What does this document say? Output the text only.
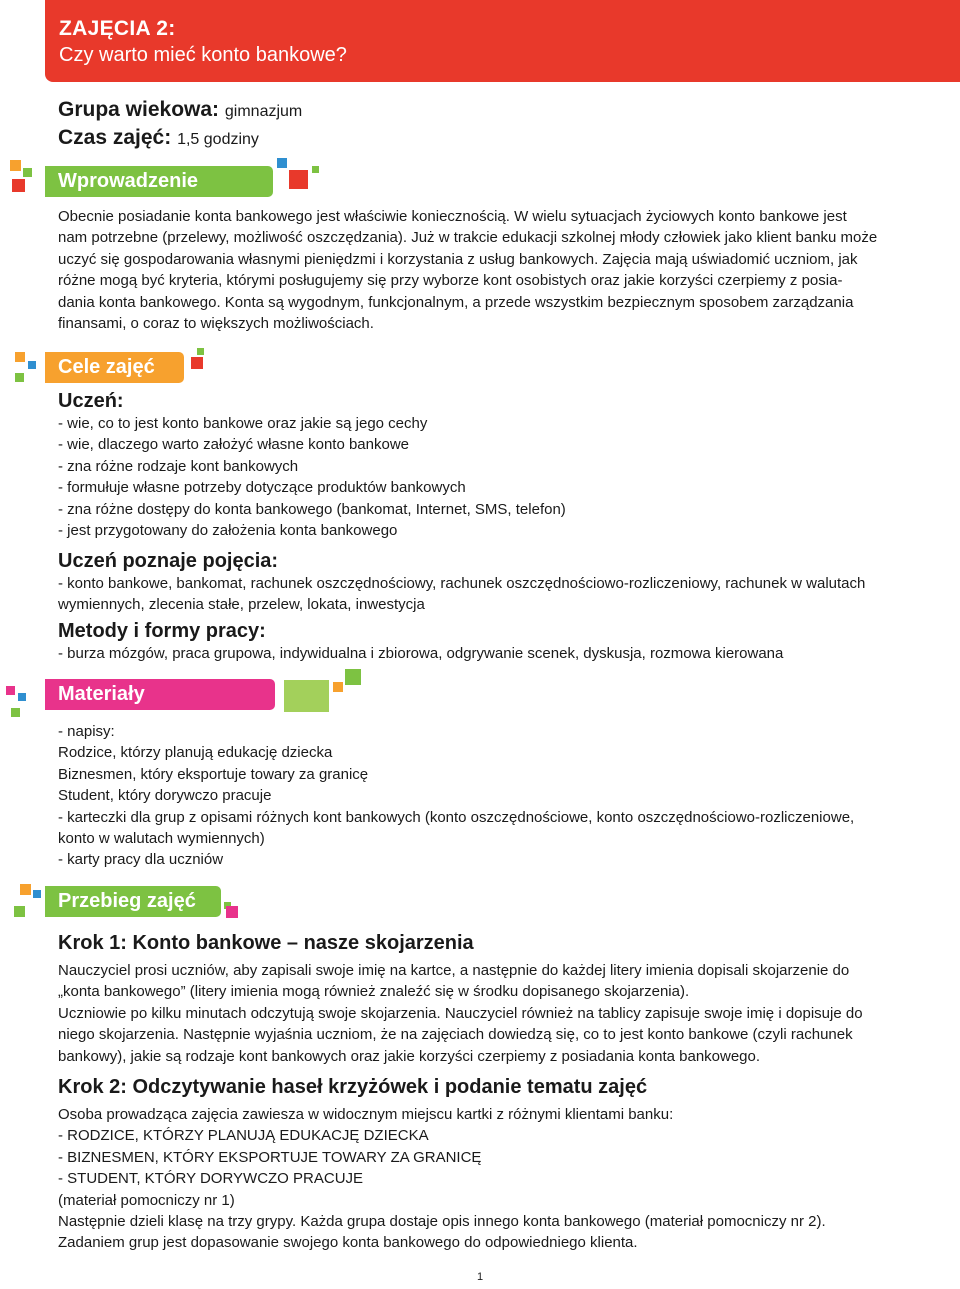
ZAJĘCIA 2:
Czy warto mieć konto bankowe?
Grupa wiekowa: gimnazjum
Czas zajęć: 1,5 godziny
Wprowadzenie
Obecnie posiadanie konta bankowego jest właściwie koniecznością. W wielu sytuacjach życiowych konto bankowe jest
nam potrzebne (przelewy, możliwość oszczędzania). Już w trakcie edukacji szkolnej młody człowiek jako klient banku może
uczyć się gospodarowania własnymi pieniędzmi i korzystania z usług bankowych. Zajęcia mają uświadomić uczniom, jak
różne mogą być kryteria, którymi posługujemy się przy wyborze kont osobistych oraz jakie korzyści czerpiemy z posia-
dania konta bankowego. Konta są wygodnym, funkcjonalnym, a przede wszystkim bezpiecznym sposobem zarządzania
finansami, o coraz to większych możliwościach.
Cele zajęć
Uczeń:
- wie, co to jest konto bankowe oraz jakie są jego cechy
- wie, dlaczego warto założyć własne konto bankowe
- zna różne rodzaje kont bankowych
- formułuje własne potrzeby dotyczące produktów bankowych
- zna różne dostępy do konta bankowego (bankomat, Internet, SMS, telefon)
- jest przygotowany do założenia konta bankowego
Uczeń poznaje pojęcia:
- konto bankowe, bankomat, rachunek oszczędnościowy, rachunek oszczędnościowo-rozliczeniowy, rachunek w walutach
wymiennych, zlecenia stałe, przelew, lokata, inwestycja
Metody i formy pracy:
- burza mózgów, praca grupowa, indywidualna i zbiorowa, odgrywanie scenek, dyskusja, rozmowa kierowana
Materiały
- napisy:
Rodzice, którzy planują edukację dziecka
Biznesmen, który eksportuje towary za granicę
Student, który dorywczo pracuje
- karteczki dla grup z opisami różnych kont bankowych (konto oszczędnościowe, konto oszczędnościowo-rozliczeniowe,
konto w walutach wymiennych)
- karty pracy dla uczniów
Przebieg zajęć
Krok 1: Konto bankowe – nasze skojarzenia
Nauczyciel prosi uczniów, aby zapisali swoje imię na kartce, a następnie do każdej litery imienia dopisali skojarzenie do
„konta bankowego” (litery imienia mogą również znaleźć się w środku dopisanego skojarzenia).
Uczniowie po kilku minutach odczytują swoje skojarzenia. Nauczyciel również na tablicy zapisuje swoje imię i dopisuje do
niego skojarzenia. Następnie wyjaśnia uczniom, że na zajęciach dowiedzą się, co to jest konto bankowe (czyli rachunek
bankowy), jakie są rodzaje kont bankowych oraz jakie korzyści czerpiemy z posiadania konta bankowego.
Krok 2: Odczytywanie haseł krzyżówek i podanie tematu zajęć
Osoba prowadząca zajęcia zawiesza w widocznym miejscu kartki z różnymi klientami banku:
- RODZICE, KTÓRZY PLANUJĄ EDUKACJĘ DZIECKA
- BIZNESMEN, KTÓRY EKSPORTUJE TOWARY ZA GRANICĘ
- STUDENT, KTÓRY DORYWCZO PRACUJE
(materiał pomocniczy nr 1)
Następnie dzieli klasę na trzy grypy. Każda grupa dostaje opis innego konta bankowego (materiał pomocniczy nr 2).
Zadaniem grup jest dopasowanie swojego konta bankowego do odpowiedniego klienta.
1
